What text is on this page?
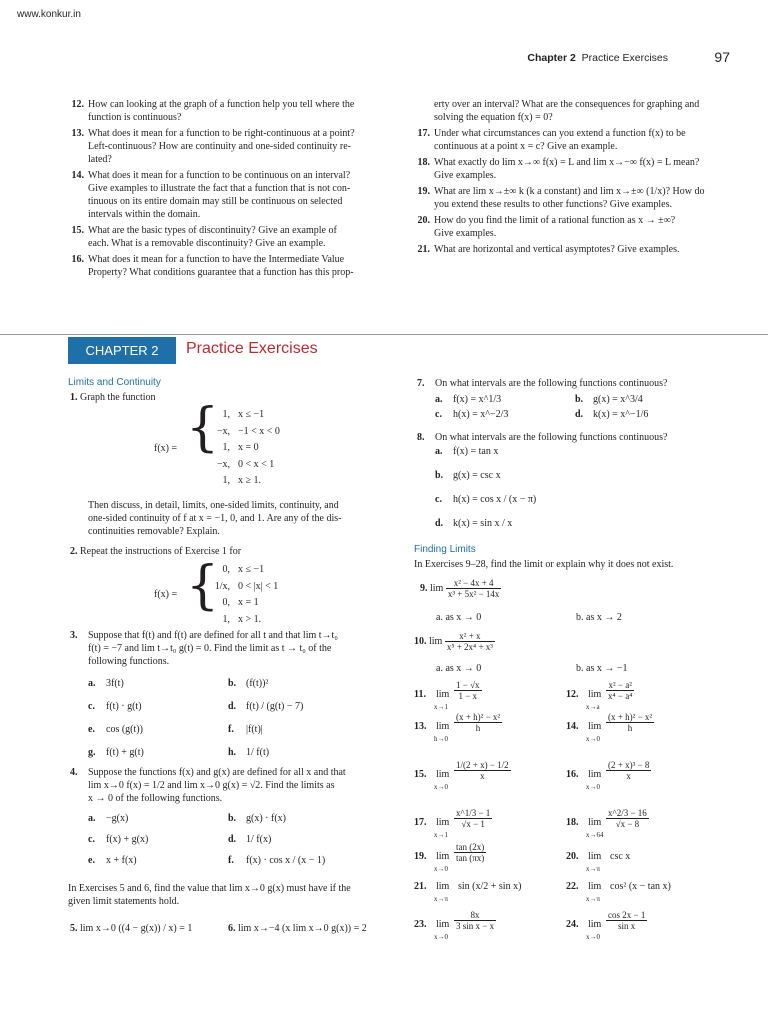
www.konkur.in
Chapter 2 Practice Exercises	97
12. How can looking at the graph of a function help you tell where the
function is continuous?
13. What does it mean for a function to be right-continuous at a point?
Left-continuous? How are continuity and one-sided continuity re-
lated?
14. What does it mean for a function to be continuous on an interval?
Give examples to illustrate the fact that a function that is not con-
tinuous on its entire domain may still be continuous on selected
intervals within the domain.
15. What are the basic types of discontinuity? Give an example of
each. What is a removable discontinuity? Give an example.
16. What does it mean for a function to have the Intermediate Value
Property? What conditions guarantee that a function has this prop-
erty over an interval? What are the consequences for graphing and
solving the equation f(x) = 0?
17. Under what circumstances can you extend a function f(x) to be
continuous at a point x = c? Give an example.
18. What exactly do lim x→∞ f(x) = L and lim x→−∞ f(x) = L mean?
Give examples.
19. What are lim x→±∞ k (k a constant) and lim x→±∞ (1/x)? How do
you extend these results to other functions? Give examples.
20. How do you find the limit of a rational function as x → ±∞?
Give examples.
21. What are horizontal and vertical asymptotes? Give examples.
CHAPTER 2	Practice Exercises
Limits and Continuity
1. Graph the function
f(x) = { 1, x ≤ −1
−x, −1 < x < 0
1, x = 0
−x, 0 < x < 1
1, x ≥ 1.
Then discuss, in detail, limits, one-sided limits, continuity, and
one-sided continuity of f at x = −1, 0, and 1. Are any of the dis-
continuities removable? Explain.
2. Repeat the instructions of Exercise 1 for
f(x) = { 0, x ≤ −1
1/x, 0 < |x| < 1
0, x = 1
1, x > 1.
3. Suppose that f(t) and f(t) are defined for all t and that lim t→t₀
f(t) = −7 and lim t→t₀ g(t) = 0. Find the limit as t → t₀ of the
following functions.
a. 3f(t)	b. (f(t))²
c. f(t) · g(t)	d. f(t) / (g(t) − 7)
e. cos (g(t))	f. |f(t)|
g. f(t) + g(t)	h. 1/ f(t)
4. Suppose the functions f(x) and g(x) are defined for all x and that
lim x→0 f(x) = 1/2 and lim x→0 g(x) = √2. Find the limits as
x → 0 of the following functions.
a. −g(x)	b. g(x) · f(x)
c. f(x) + g(x)	d. 1/ f(x)
e. x + f(x)	f. f(x) · cos x / (x − 1)
In Exercises 5 and 6, find the value that lim x→0 g(x) must have if the
given limit statements hold.
5. lim x→0 ((4 − g(x)) / x) = 1	6. lim x→−4 (x lim x→0 g(x)) = 2
7. On what intervals are the following functions continuous?
a. f(x) = x^1/3	b. g(x) = x^3/4
c. h(x) = x^−2/3	d. k(x) = x^−1/6
8. On what intervals are the following functions continuous?
a. f(x) = tan x
b. g(x) = csc x
c. h(x) = cos x / (x − π)
d. k(x) = sin x / x
Finding Limits
In Exercises 9–28, find the limit or explain why it does not exist.
9. $\lim \frac{\text{x² − 4x + 4}}{\text{x³ + 5x² − 14x}}$
a. as x → 0	b. as x → 2
10. $\lim \frac{\text{x² + x}}{\text{x⁵ + 2x⁴ + x³}}$
a. as x → 0	b. as x → −1
11. lim
x→1
$\frac{1 - √x}{1 - x}$	12. lim
x→a
$\frac{\text{x² − a²}}{\text{x⁴ − a⁴}}$
13. lim
h→0
$\frac{\text{(x + h)² − x²}}{h}$	14. lim
x→0
$\frac{\text{(x + h)² − x²}}{h}$
15. lim
x→0
$\frac{1/(2 + x) - 1/2}{x}$	16. lim
x→0
$\frac{\text{(2 + x)³ − 8}}{x}$
17. lim
x→1
$\frac{x\^{}1/3 - 1}{√x - 1}$	18. lim
x→64
$\frac{x\^{}2/3 - 16}{√x - 8}$
19. lim
x→0
$\frac{\tan (2x)}{\tan (\pi x)}$	20. lim
x→π
csc x
21. lim
x→π
sin (x/2 + sin x)	22. lim
x→π
cos² (x − tan x)
23. lim
x→0
$\frac{8x}{\text{3 sin x − x}}$	24. lim
x→0
$\frac{\cos 2x - 1}{\text{sin x}}$
